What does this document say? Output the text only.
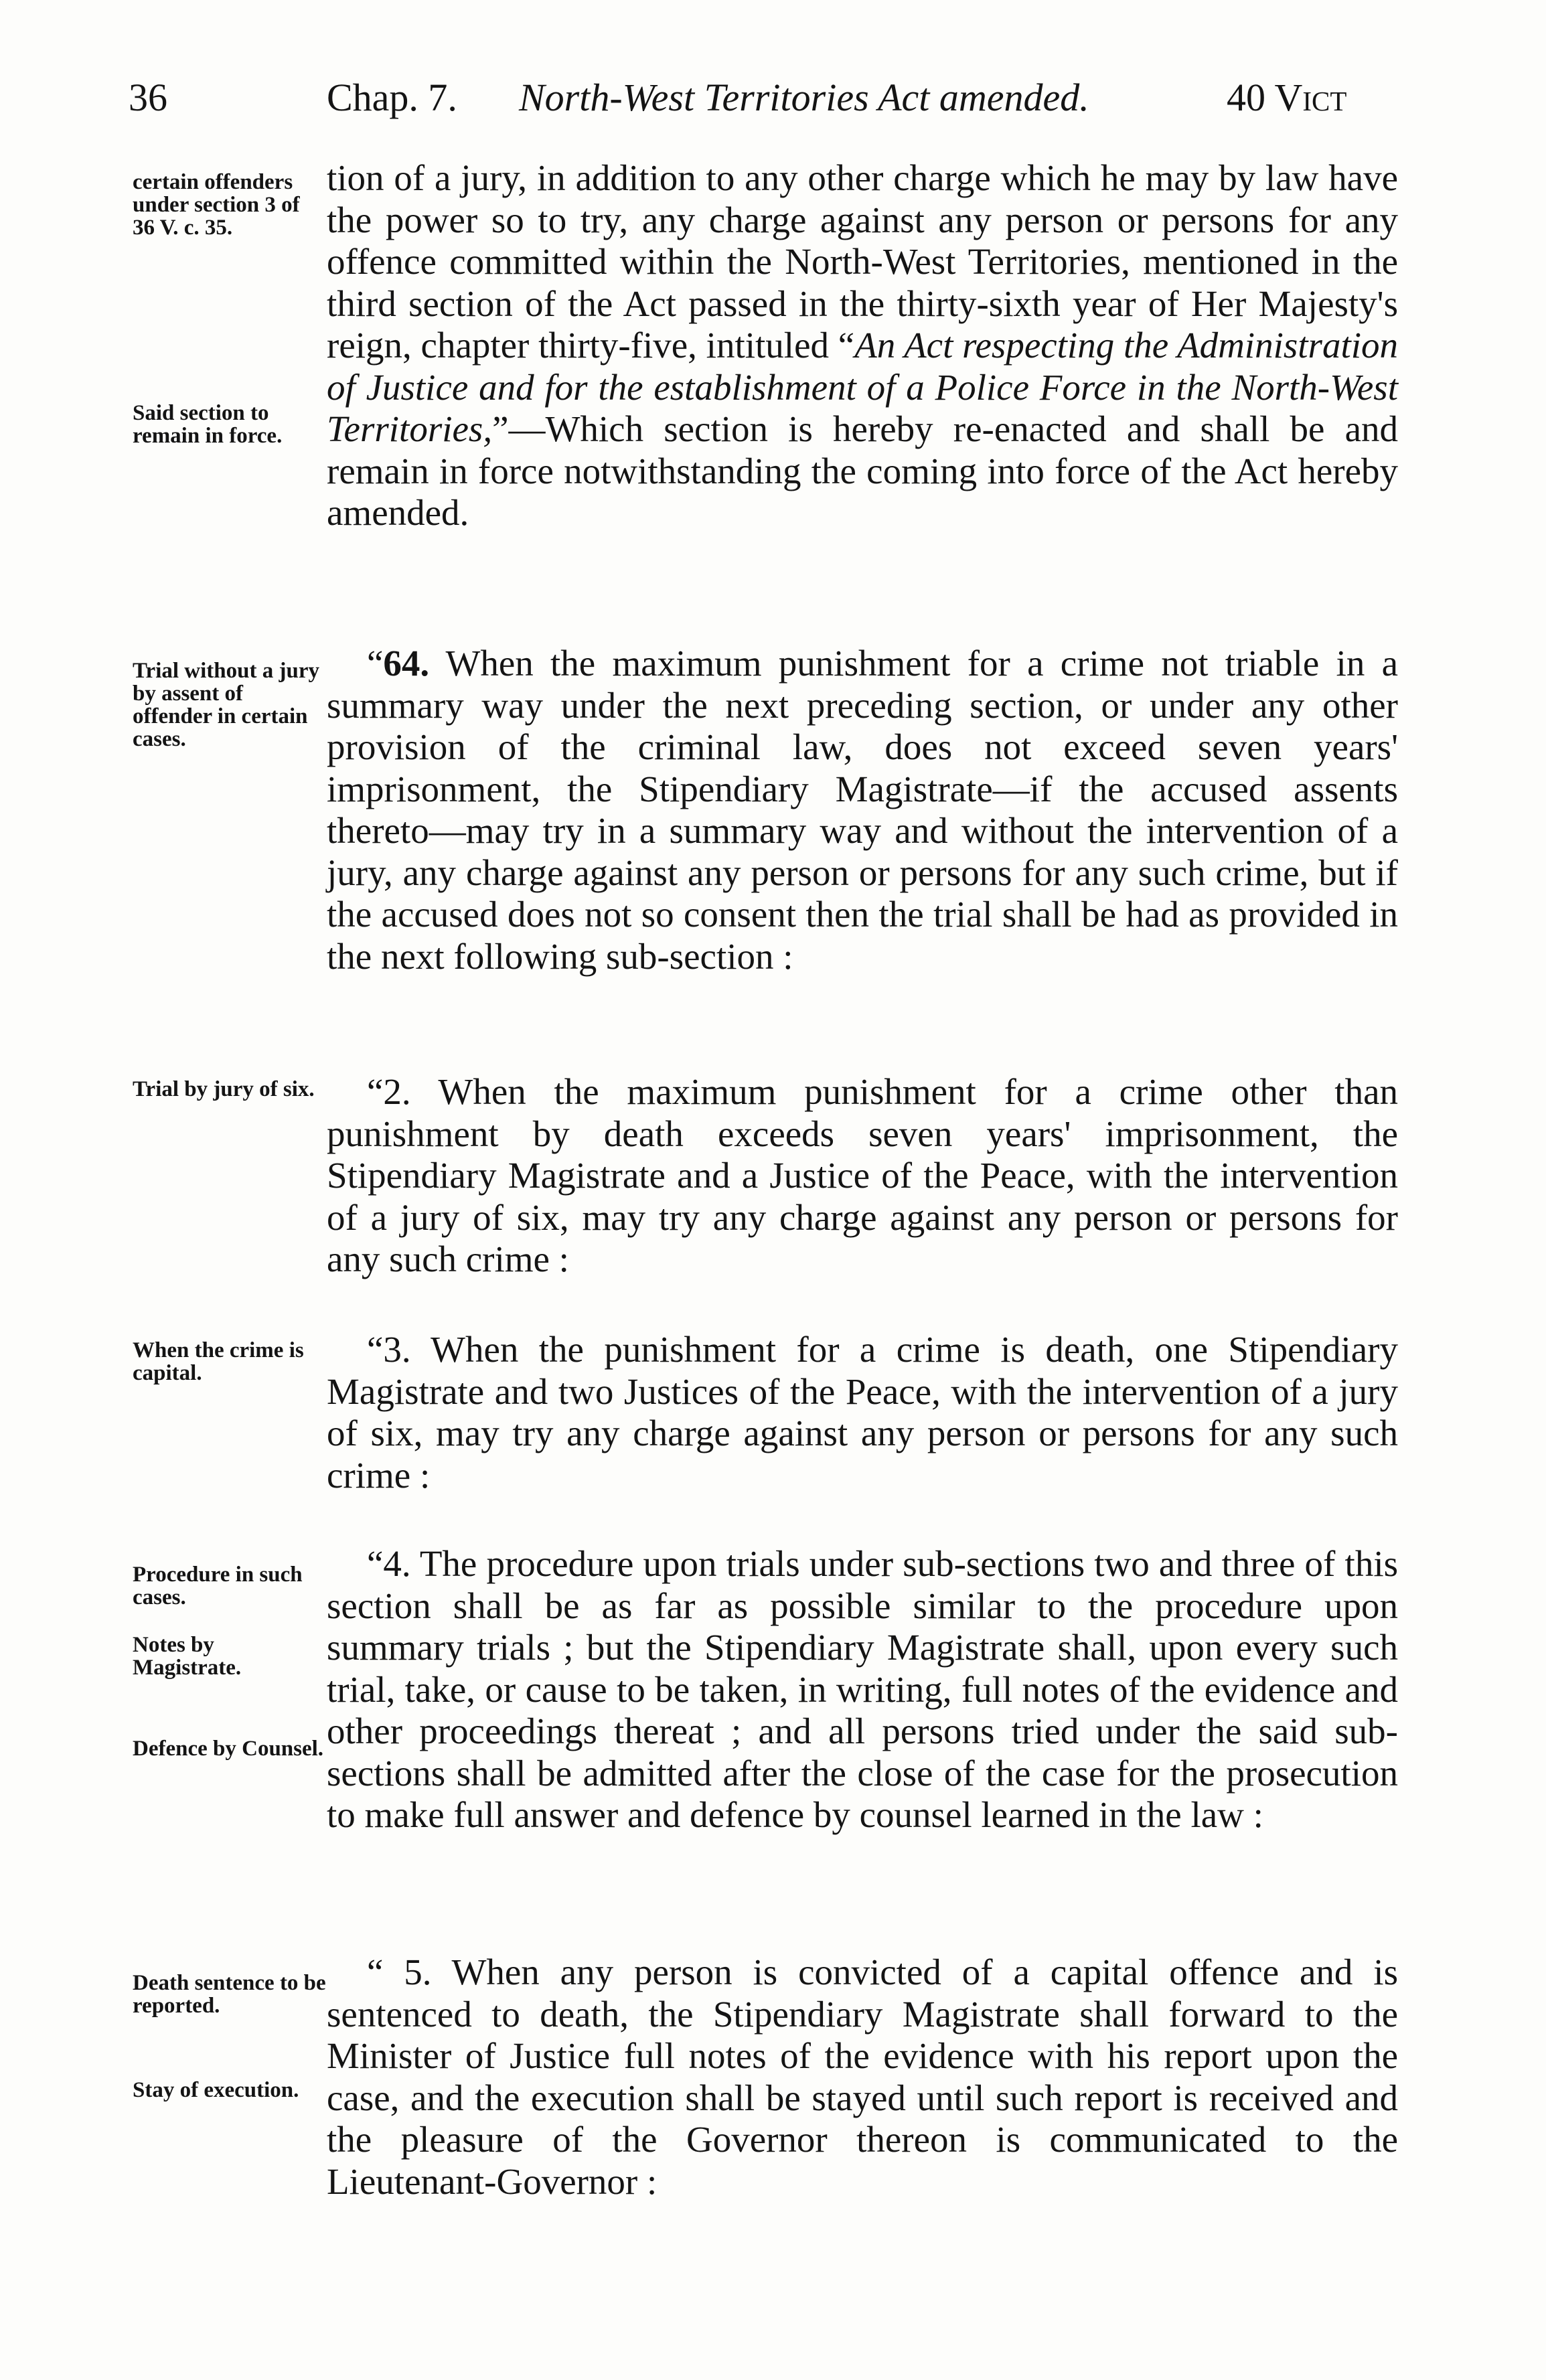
36	Chap. 7. North-West Territories Act amended.	40 Vict
certain offenders under section 3 of 36 V. c. 35.
Said section to remain in force.
Trial without a jury by assent of offender in certain cases.
Trial by jury of six.
When the crime is capital.
Procedure in such cases.
Notes by Magistrate.
Defence by Counsel.
Death sentence to be reported.
Stay of execution.

tion of a jury, in addition to any other charge which he may by law have the power so to try, any charge against any person or persons for any offence committed within the North-West Territories, mentioned in the third section of the Act passed in the thirty-sixth year of Her Majesty's reign, chapter thirty-five, intituled “An Act respecting the Administration of Justice and for the establishment of a Police Force in the North-West Territories,”—Which section is hereby re-enacted and shall be and remain in force notwithstanding the coming into force of the Act hereby amended.

“64. When the maximum punishment for a crime not triable in a summary way under the next preceding section, or under any other provision of the criminal law, does not exceed seven years' imprisonment, the Stipendiary Magistrate—if the accused assents thereto—may try in a summary way and without the intervention of a jury, any charge against any person or persons for any such crime, but if the accused does not so consent then the trial shall be had as provided in the next following sub-section :

“2. When the maximum punishment for a crime other than punishment by death exceeds seven years' imprisonment, the Stipendiary Magistrate and a Justice of the Peace, with the intervention of a jury of six, may try any charge against any person or persons for any such crime :

“3. When the punishment for a crime is death, one Stipendiary Magistrate and two Justices of the Peace, with the intervention of a jury of six, may try any charge against any person or persons for any such crime :

“4. The procedure upon trials under sub-sections two and three of this section shall be as far as possible similar to the procedure upon summary trials ; but the Stipendiary Magistrate shall, upon every such trial, take, or cause to be taken, in writing, full notes of the evidence and other proceedings thereat ; and all persons tried under the said sub-sections shall be admitted after the close of the case for the prosecution to make full answer and defence by counsel learned in the law :

“ 5. When any person is convicted of a capital offence and is sentenced to death, the Stipendiary Magistrate shall forward to the Minister of Justice full notes of the evidence with his report upon the case, and the execution shall be stayed until such report is received and the pleasure of the Governor thereon is communicated to the Lieutenant-Governor :
